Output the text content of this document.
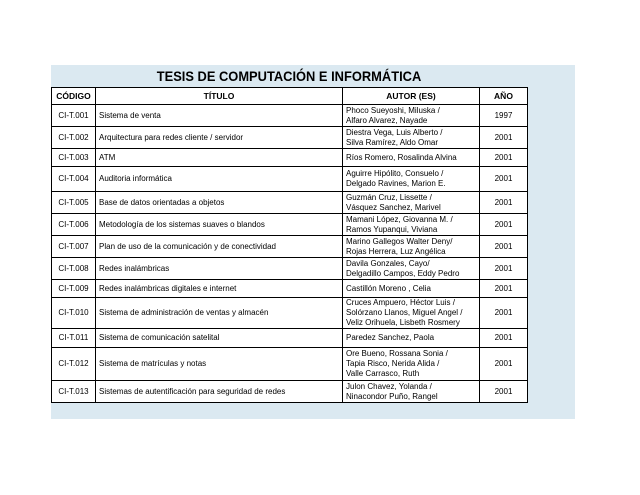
TESIS DE COMPUTACIÓN E INFORMÁTICA
CÓDIGO	TÍTULO	AUTOR (ES)	AÑO
CI-T.001	Sistema de venta	Phoco Sueyoshi, Miluska /
Alfaro Alvarez, Nayade	1997
CI-T.002	Arquitectura para redes cliente / servidor	Diestra Vega, Luis Alberto /
Silva Ramírez, Aldo Omar	2001
CI-T.003	ATM	Ríos Romero, Rosalinda Alvina	2001
CI-T.004	Auditoria informática	Aguirre Hipólito, Consuelo /
Delgado Ravines, Marion E.	2001
CI-T.005	Base de datos orientadas a objetos	Guzmán Cruz, Lissette /
Vásquez Sanchez, Marivel	2001
CI-T.006	Metodología de los sistemas suaves o blandos	Mamani López, Giovanna M. /
Ramos Yupanqui, Viviana	2001
CI-T.007	Plan de uso de la comunicación y de conectividad	Marino Gallegos Walter Deny/
Rojas Herrera, Luz Angélica	2001
CI-T.008	Redes inalámbricas	Davila Gonzales, Cayo/
Delgadillo Campos, Eddy Pedro	2001
CI-T.009	Redes inalámbricas digitales e internet	Castillón Moreno , Celia	2001
CI-T.010	Sistema de administración de ventas y almacén	Cruces Ampuero, Héctor Luis /
Solórzano Llanos, Miguel Angel /
Veliz Orihuela, Lisbeth Rosmery	2001
CI-T.011	Sistema de comunicación satelital	Paredez Sanchez, Paola	2001
CI-T.012	Sistema de matrículas y notas	Ore Bueno, Rossana Sonia /
Tapia Risco, Nerida Alida /
Valle Carrasco, Ruth	2001
CI-T.013	Sistemas de autentificación para seguridad de redes	Julon Chavez, Yolanda /
Ninacondor Puño, Rangel	2001
